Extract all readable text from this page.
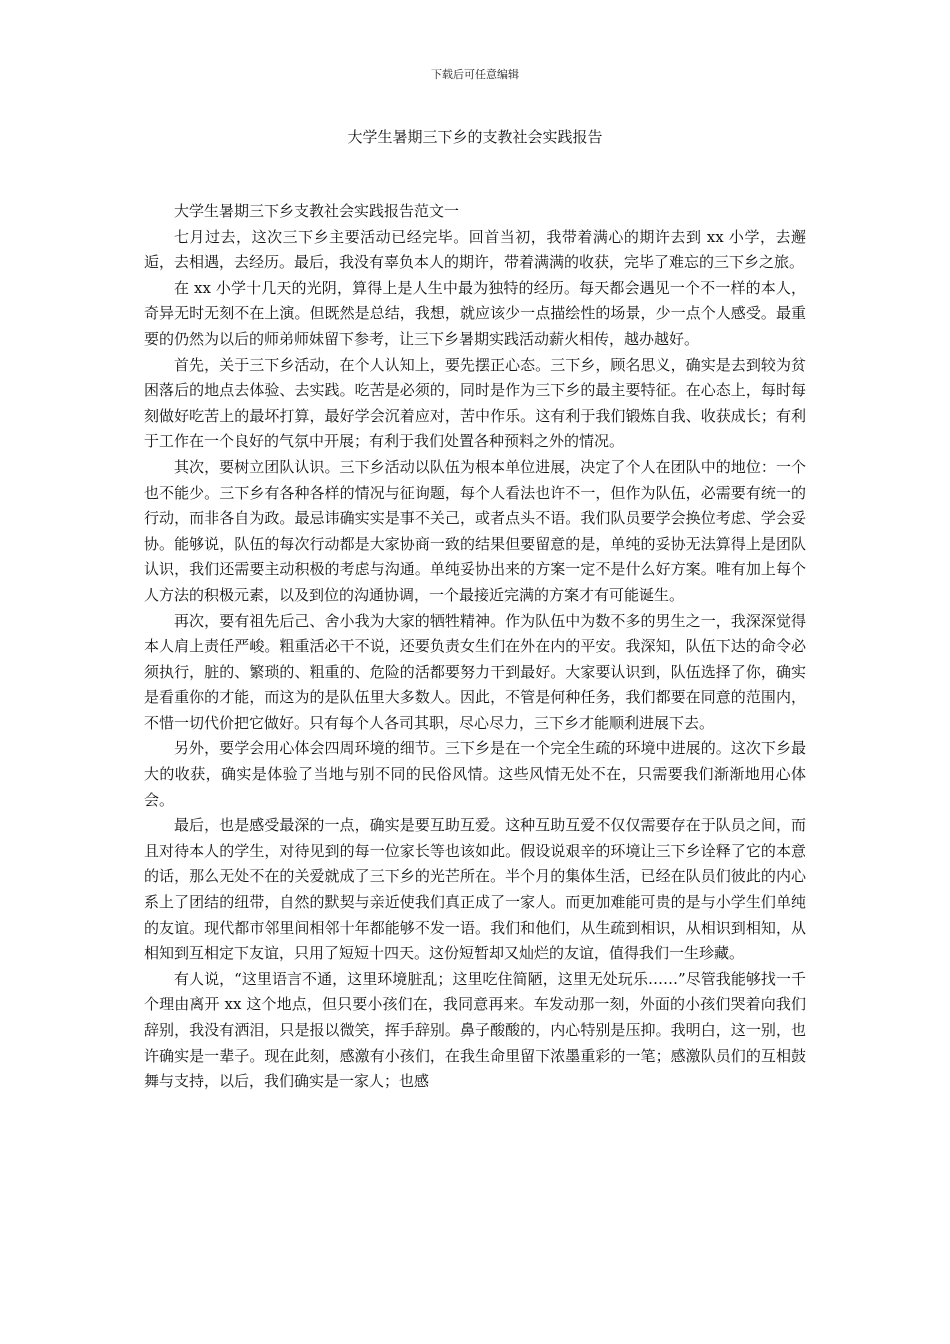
下载后可任意编辑
大学生暑期三下乡的支教社会实践报告

大学生暑期三下乡支教社会实践报告范文一

七月过去，这次三下乡主要活动已经完毕。回首当初，我带着满心的期许去到 xx 小学，去邂逅，去相遇，去经历。最后，我没有辜负本人的期许，带着满满的收获，完毕了难忘的三下乡之旅。

在 xx 小学十几天的光阴，算得上是人生中最为独特的经历。每天都会遇见一个不一样的本人，奇异无时无刻不在上演。但既然是总结，我想，就应该少一点描绘性的场景，少一点个人感受。最重要的仍然为以后的师弟师妹留下参考，让三下乡暑期实践活动薪火相传，越办越好。

首先，关于三下乡活动，在个人认知上，要先摆正心态。三下乡，顾名思义，确实是去到较为贫困落后的地点去体验、去实践。吃苦是必须的，同时是作为三下乡的最主要特征。在心态上，每时每刻做好吃苦上的最坏打算，最好学会沉着应对，苦中作乐。这有利于我们锻炼自我、收获成长；有利于工作在一个良好的气氛中开展；有利于我们处置各种预料之外的情况。

其次，要树立团队认识。三下乡活动以队伍为根本单位进展，决定了个人在团队中的地位：一个也不能少。三下乡有各种各样的情况与征询题，每个人看法也许不一，但作为队伍，必需要有统一的行动，而非各自为政。最忌讳确实实是事不关己，或者点头不语。我们队员要学会换位考虑、学会妥协。能够说，队伍的每次行动都是大家协商一致的结果但要留意的是，单纯的妥协无法算得上是团队认识，我们还需要主动积极的考虑与沟通。单纯妥协出来的方案一定不是什么好方案。唯有加上每个人方法的积极元素，以及到位的沟通协调，一个最接近完满的方案才有可能诞生。

再次，要有祖先后己、舍小我为大家的牺牲精神。作为队伍中为数不多的男生之一，我深深觉得本人肩上责任严峻。粗重活必干不说，还要负责女生们在外在内的平安。我深知，队伍下达的命令必须执行，脏的、繁琐的、粗重的、危险的活都要努力干到最好。大家要认识到，队伍选择了你，确实是看重你的才能，而这为的是队伍里大多数人。因此，不管是何种任务，我们都要在同意的范围内，不惜一切代价把它做好。只有每个人各司其职，尽心尽力，三下乡才能顺利进展下去。

另外，要学会用心体会四周环境的细节。三下乡是在一个完全生疏的环境中进展的。这次下乡最大的收获，确实是体验了当地与别不同的民俗风情。这些风情无处不在，只需要我们渐渐地用心体会。

最后，也是感受最深的一点，确实是要互助互爱。这种互助互爱不仅仅需要存在于队员之间，而且对待本人的学生，对待见到的每一位家长等也该如此。假设说艰辛的环境让三下乡诠释了它的本意的话，那么无处不在的关爱就成了三下乡的光芒所在。半个月的集体生活，已经在队员们彼此的内心系上了团结的纽带，自然的默契与亲近使我们真正成了一家人。而更加难能可贵的是与小学生们单纯的友谊。现代都市邻里间相邻十年都能够不发一语。我们和他们，从生疏到相识，从相识到相知，从相知到互相定下友谊，只用了短短十四天。这份短暂却又灿烂的友谊，值得我们一生珍藏。

有人说，“这里语言不通，这里环境脏乱；这里吃住简陋，这里无处玩乐……”尽管我能够找一千个理由离开 xx 这个地点，但只要小孩们在，我同意再来。车发动那一刻，外面的小孩们哭着向我们辞别，我没有洒泪，只是报以微笑，挥手辞别。鼻子酸酸的，内心特别是压抑。我明白，这一别，也许确实是一辈子。现在此刻，感激有小孩们，在我生命里留下浓墨重彩的一笔；感激队员们的互相鼓舞与支持，以后，我们确实是一家人；也感
